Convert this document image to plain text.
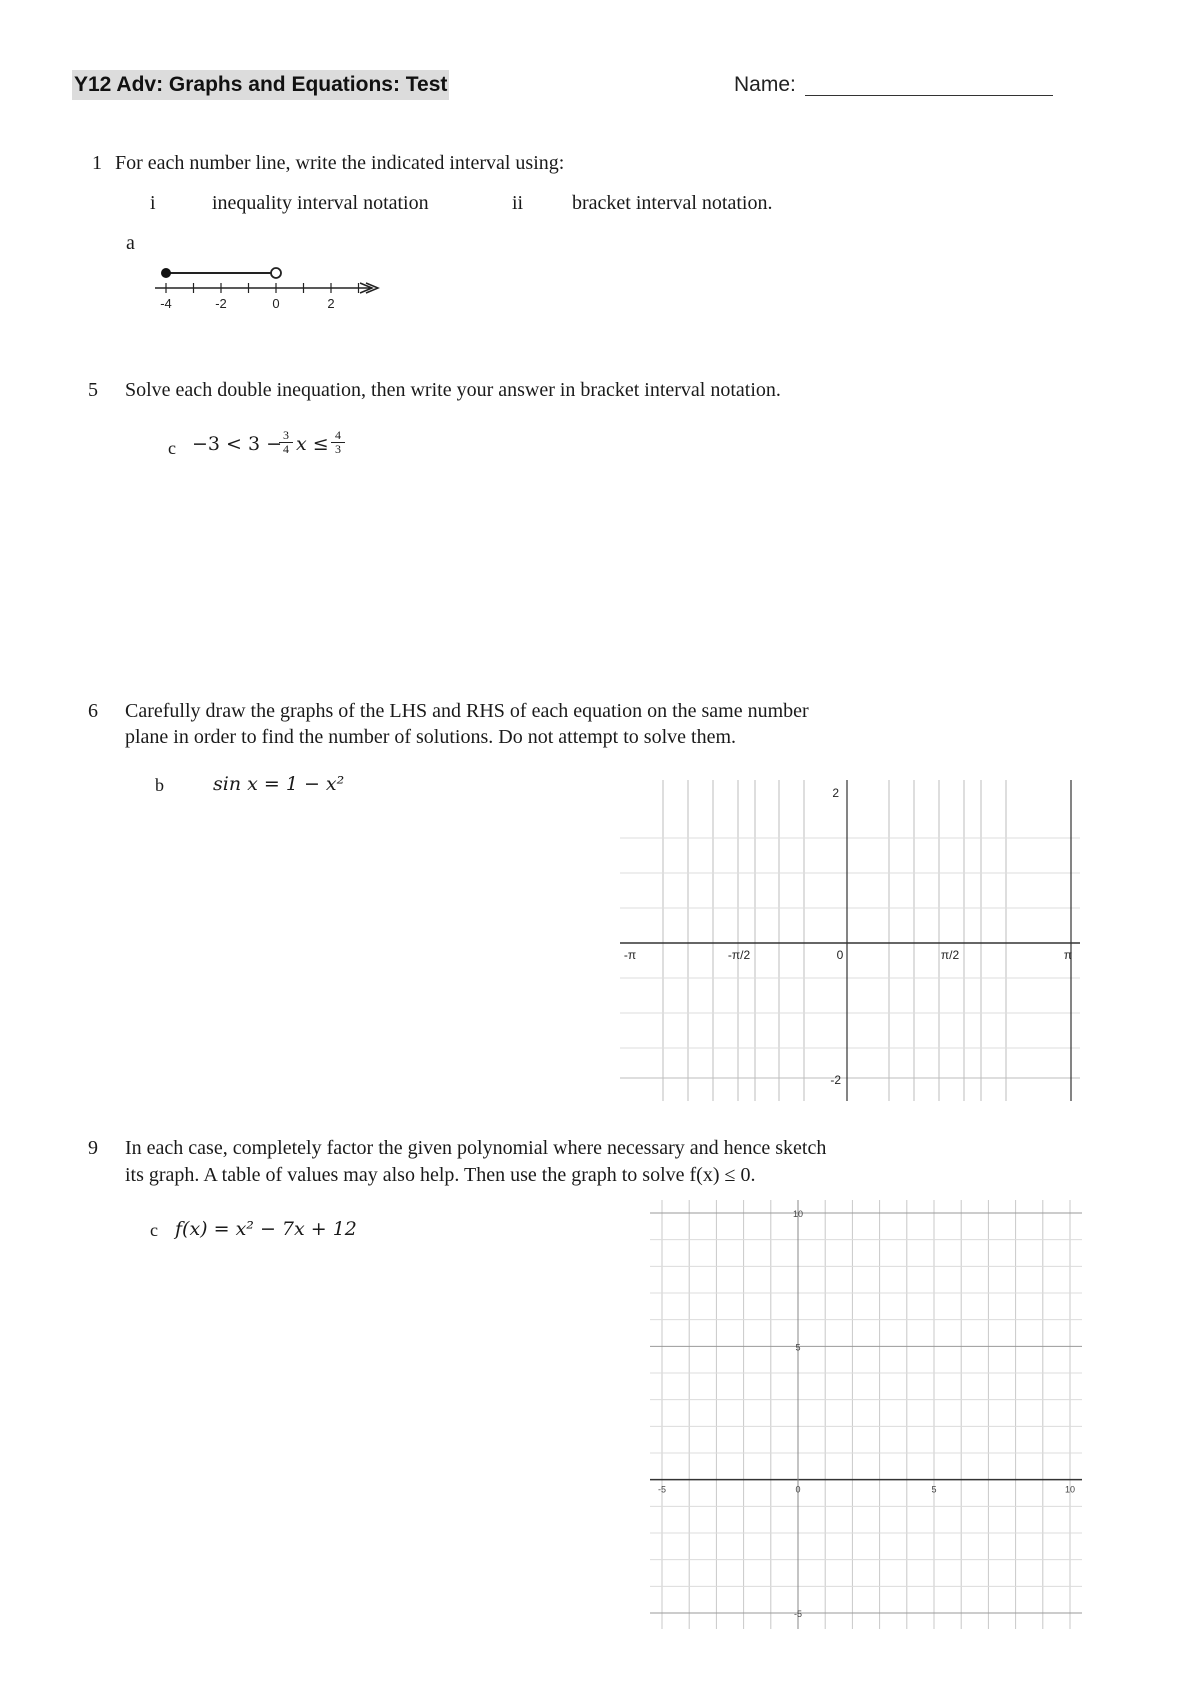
Y12 Adv: Graphs and Equations: Test	Name:
1 For each number line, write the indicated interval using:
i	inequality interval notation	ii bracket interval notation.
a
-4	-2	0	2
5 Solve each double inequation, then write your answer in bracket interval notation.
c −3 < 3 −
$\frac{3}{4}$ $x \le \frac{4}{3}$
6 Carefully draw the graphs of the LHS and RHS of each equation on the same number
plane in order to find the number of solutions. Do not attempt to solve them.
b	sin x = 1 − x²
-π	-π/2	0	π/2	π
2
-2
9 In each case, completely factor the given polynomial where necessary and hence sketch
its graph. A table of values may also help. Then use the graph to solve f(x) ≤ 0.
c f(x) = x² − 7x + 12
-5	0	5	10
10
5
-5
